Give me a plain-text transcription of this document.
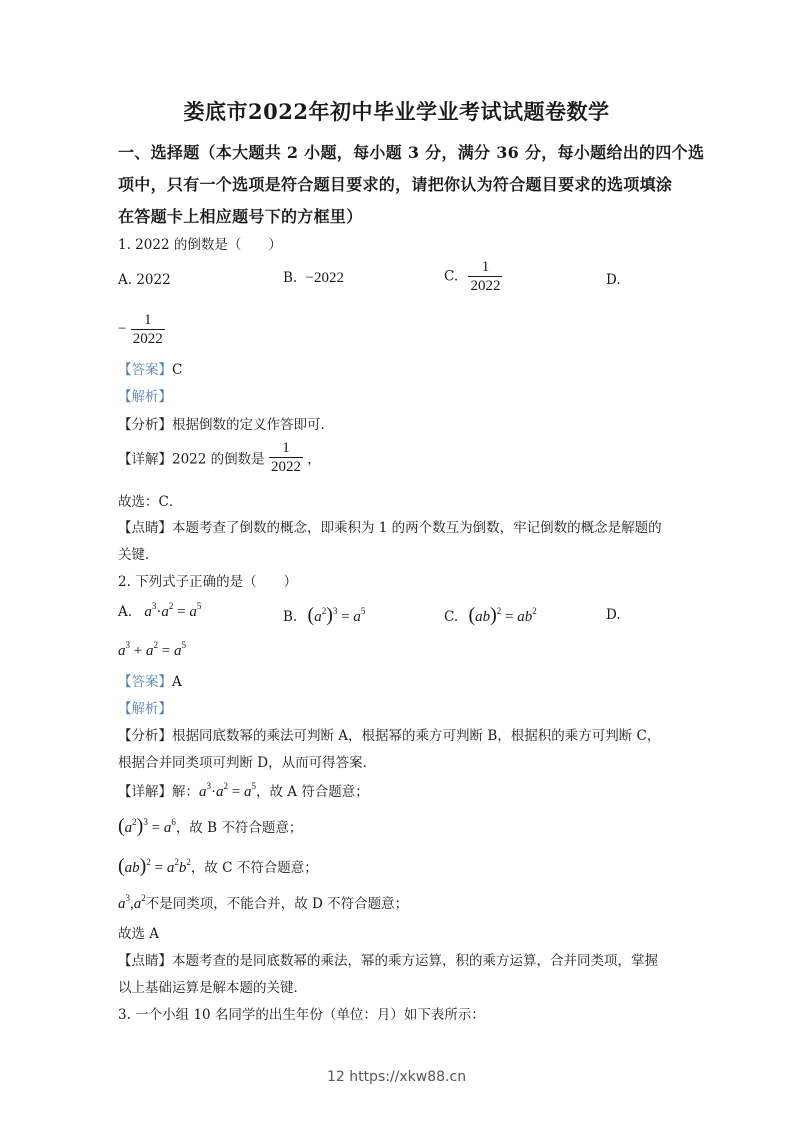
娄底市2022年初中毕业学业考试试题卷数学
一、选择题（本大题共 2 小题，每小题 3 分，满分 36 分，每小题给出的四个选
项中，只有一个选项是符合题目要求的，请把你认为符合题目要求的选项填涂
在答题卡上相应题号下的方框里）
1. 2022 的倒数是（　　）
A. 2022	B. −2022	C. $\frac{1}{2022}$	D.
− $\frac{1}{2022}$
【答案】C
【解析】
【分析】根据倒数的定义作答即可．
【详解】2022 的倒数是 $\frac{1}{2022}$ ，
故选：C．
【点睛】本题考查了倒数的概念，即乘积为 1 的两个数互为倒数，牢记倒数的概念是解题的
关键．
2. 下列式子正确的是（　　）
A. $a^3\cdot a^2 = a^5$
B. $(a^2)^3 = a^5$	C. $(ab)^2 = ab^2$	D.
$a^3 + a^2 = a^5$
【答案】A
【解析】
【分析】根据同底数幂的乘法可判断 A，根据幂的乘方可判断 B，根据积的乘方可判断 C，
根据合并同类项可判断 D，从而可得答案．
【详解】解：$a^3\cdot a^2 = a^5$，故 A 符合题意；
$(a^2)^3 = a^6$，故 B 不符合题意；
$(ab)^2 = a^2b^2$，故 C 不符合题意；
$a^3,a^2$不是同类项，不能合并，故 D 不符合题意；
故选 A
【点睛】本题考查的是同底数幂的乘法，幂的乘方运算，积的乘方运算，合并同类项，掌握
以上基础运算是解本题的关键．
3. 一个小组 10 名同学的出生年份（单位：月）如下表所示：
12 https://xkw88.cn
